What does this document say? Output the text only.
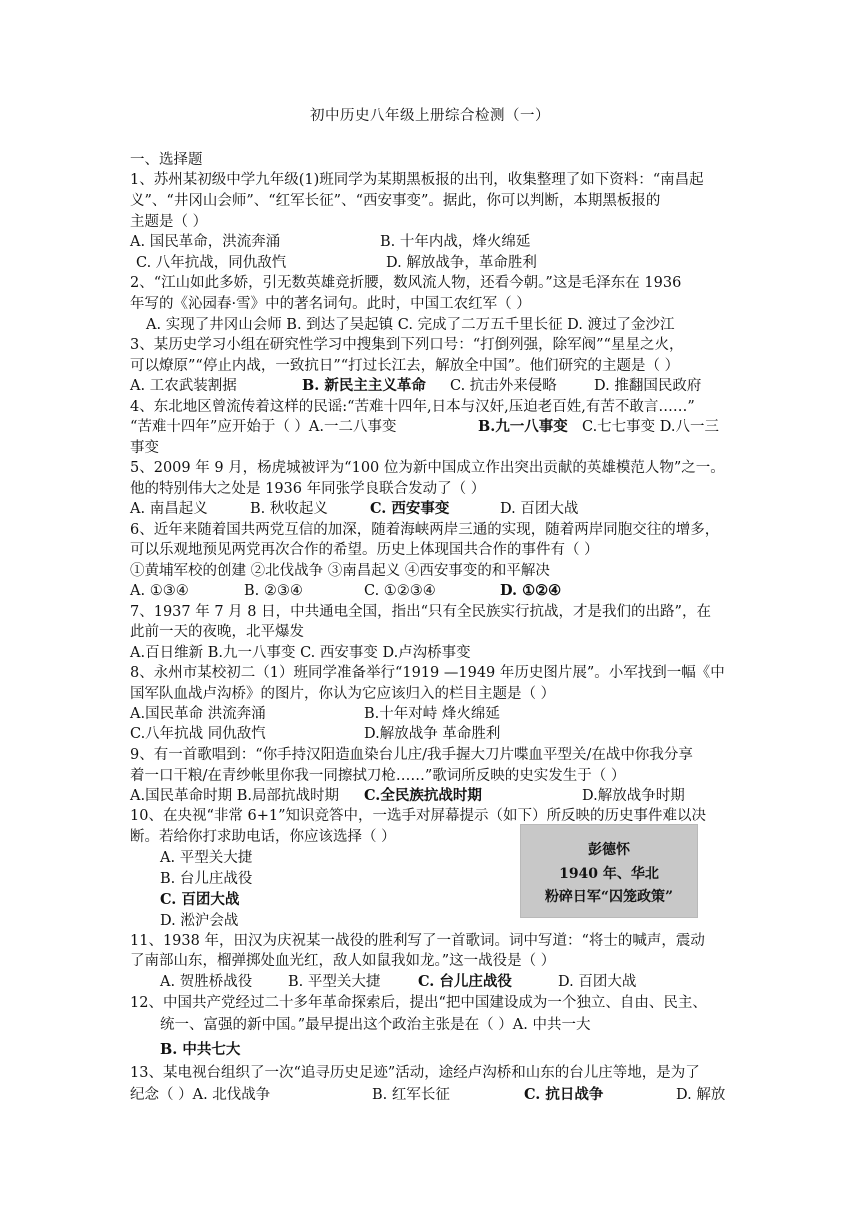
初中历史八年级上册综合检测（一）
一、选择题
1、苏州某初级中学九年级(1)班同学为某期黑板报的出刊，收集整理了如下资料：“南昌起
义”、“井冈山会师”、“红军长征”、“西安事变”。据此，你可以判断，本期黑板报的
主题是（ ）
A. 国民革命，洪流奔涌	B. 十年内战，烽火绵延
C. 八年抗战，同仇敌忾	D. 解放战争，革命胜利
2、“江山如此多娇，引无数英雄竞折腰，数风流人物，还看今朝。”这是毛泽东在 1936
年写的《沁园春·雪》中的著名词句。此时，中国工农红军（ ）
A. 实现了井冈山会师 B. 到达了吴起镇 C. 完成了二万五千里长征 D. 渡过了金沙江
3、某历史学习小组在研究性学习中搜集到下列口号：“打倒列强，除军阀”“星星之火，
可以燎原”“停止内战，一致抗日”“打过长江去，解放全中国”。他们研究的主题是（ ）
A. 工农武装割据	B. 新民主主义革命 C. 抗击外来侵略	D. 推翻国民政府
4、东北地区曾流传着这样的民谣:“苦难十四年,日本与汉奸,压迫老百姓,有苦不敢言……”
“苦难十四年”应开始于（ ）A.一二八事变	B.九一八事变 C.七七事变 D.八一三
事变
5、2009 年 9 月，杨虎城被评为“100 位为新中国成立作出突出贡献的英雄模范人物”之一。
他的特别伟大之处是 1936 年同张学良联合发动了（ ）
A. 南昌起义	B. 秋收起义	C. 西安事变	D. 百团大战
6、近年来随着国共两党互信的加深，随着海峡两岸三通的实现，随着两岸同胞交往的增多，
可以乐观地预见两党再次合作的希望。历史上体现国共合作的事件有（ ）
①黄埔军校的创建 ②北伐战争 ③南昌起义 ④西安事变的和平解决
A. ①③④	B. ②③④	C. ①②③④	D. ①②④
7、1937 年 7 月 8 日，中共通电全国，指出“只有全民族实行抗战，才是我们的出路”，在
此前一天的夜晚，北平爆发
A.百日维新 B.九一八事变 C. 西安事变 D.卢沟桥事变
8、永州市某校初二（1）班同学准备举行“1919 —1949 年历史图片展”。小军找到一幅《中
国军队血战卢沟桥》的图片，你认为它应该归入的栏目主题是（ ）
A.国民革命 洪流奔涌	B.十年对峙 烽火绵延
C.八年抗战 同仇敌忾	D.解放战争 革命胜利
9、有一首歌唱到：“你手持汉阳造血染台儿庄/我手握大刀片喋血平型关/在战中你我分享
着一口干粮/在青纱帐里你我一同擦拭刀枪……”歌词所反映的史实发生于（ ）
A.国民革命时期 B.局部抗战时期 C.全民族抗战时期	D.解放战争时期
10、在央视“非常 6+1”知识竞答中，一选手对屏幕提示（如下）所反映的历史事件难以决
断。若给你打求助电话，你应该选择（ ）
A. 平型关大捷
B. 台儿庄战役
C. 百团大战
D. 淞沪会战
彭德怀
1940 年、华北
粉碎日军“囚笼政策”
11、1938 年，田汉为庆祝某一战役的胜利写了一首歌词。词中写道：“将士的喊声，震动
了南部山东，榴弹掷处血光红，敌人如鼠我如龙。”这一战役是（ ）
A. 贺胜桥战役 B. 平型关大捷	C. 台儿庄战役	D. 百团大战
12、中国共产党经过二十多年革命探索后，提出“把中国建设成为一个独立、自由、民主、
统一、富强的新中国。”最早提出这个政治主张是在（ ）A. 中共一大
B. 中共七大
13、某电视台组织了一次“追寻历史足迹”活动，途经卢沟桥和山东的台儿庄等地，是为了
纪念（ ）A. 北伐战争	B. 红军长征	C. 抗日战争	D. 解放
